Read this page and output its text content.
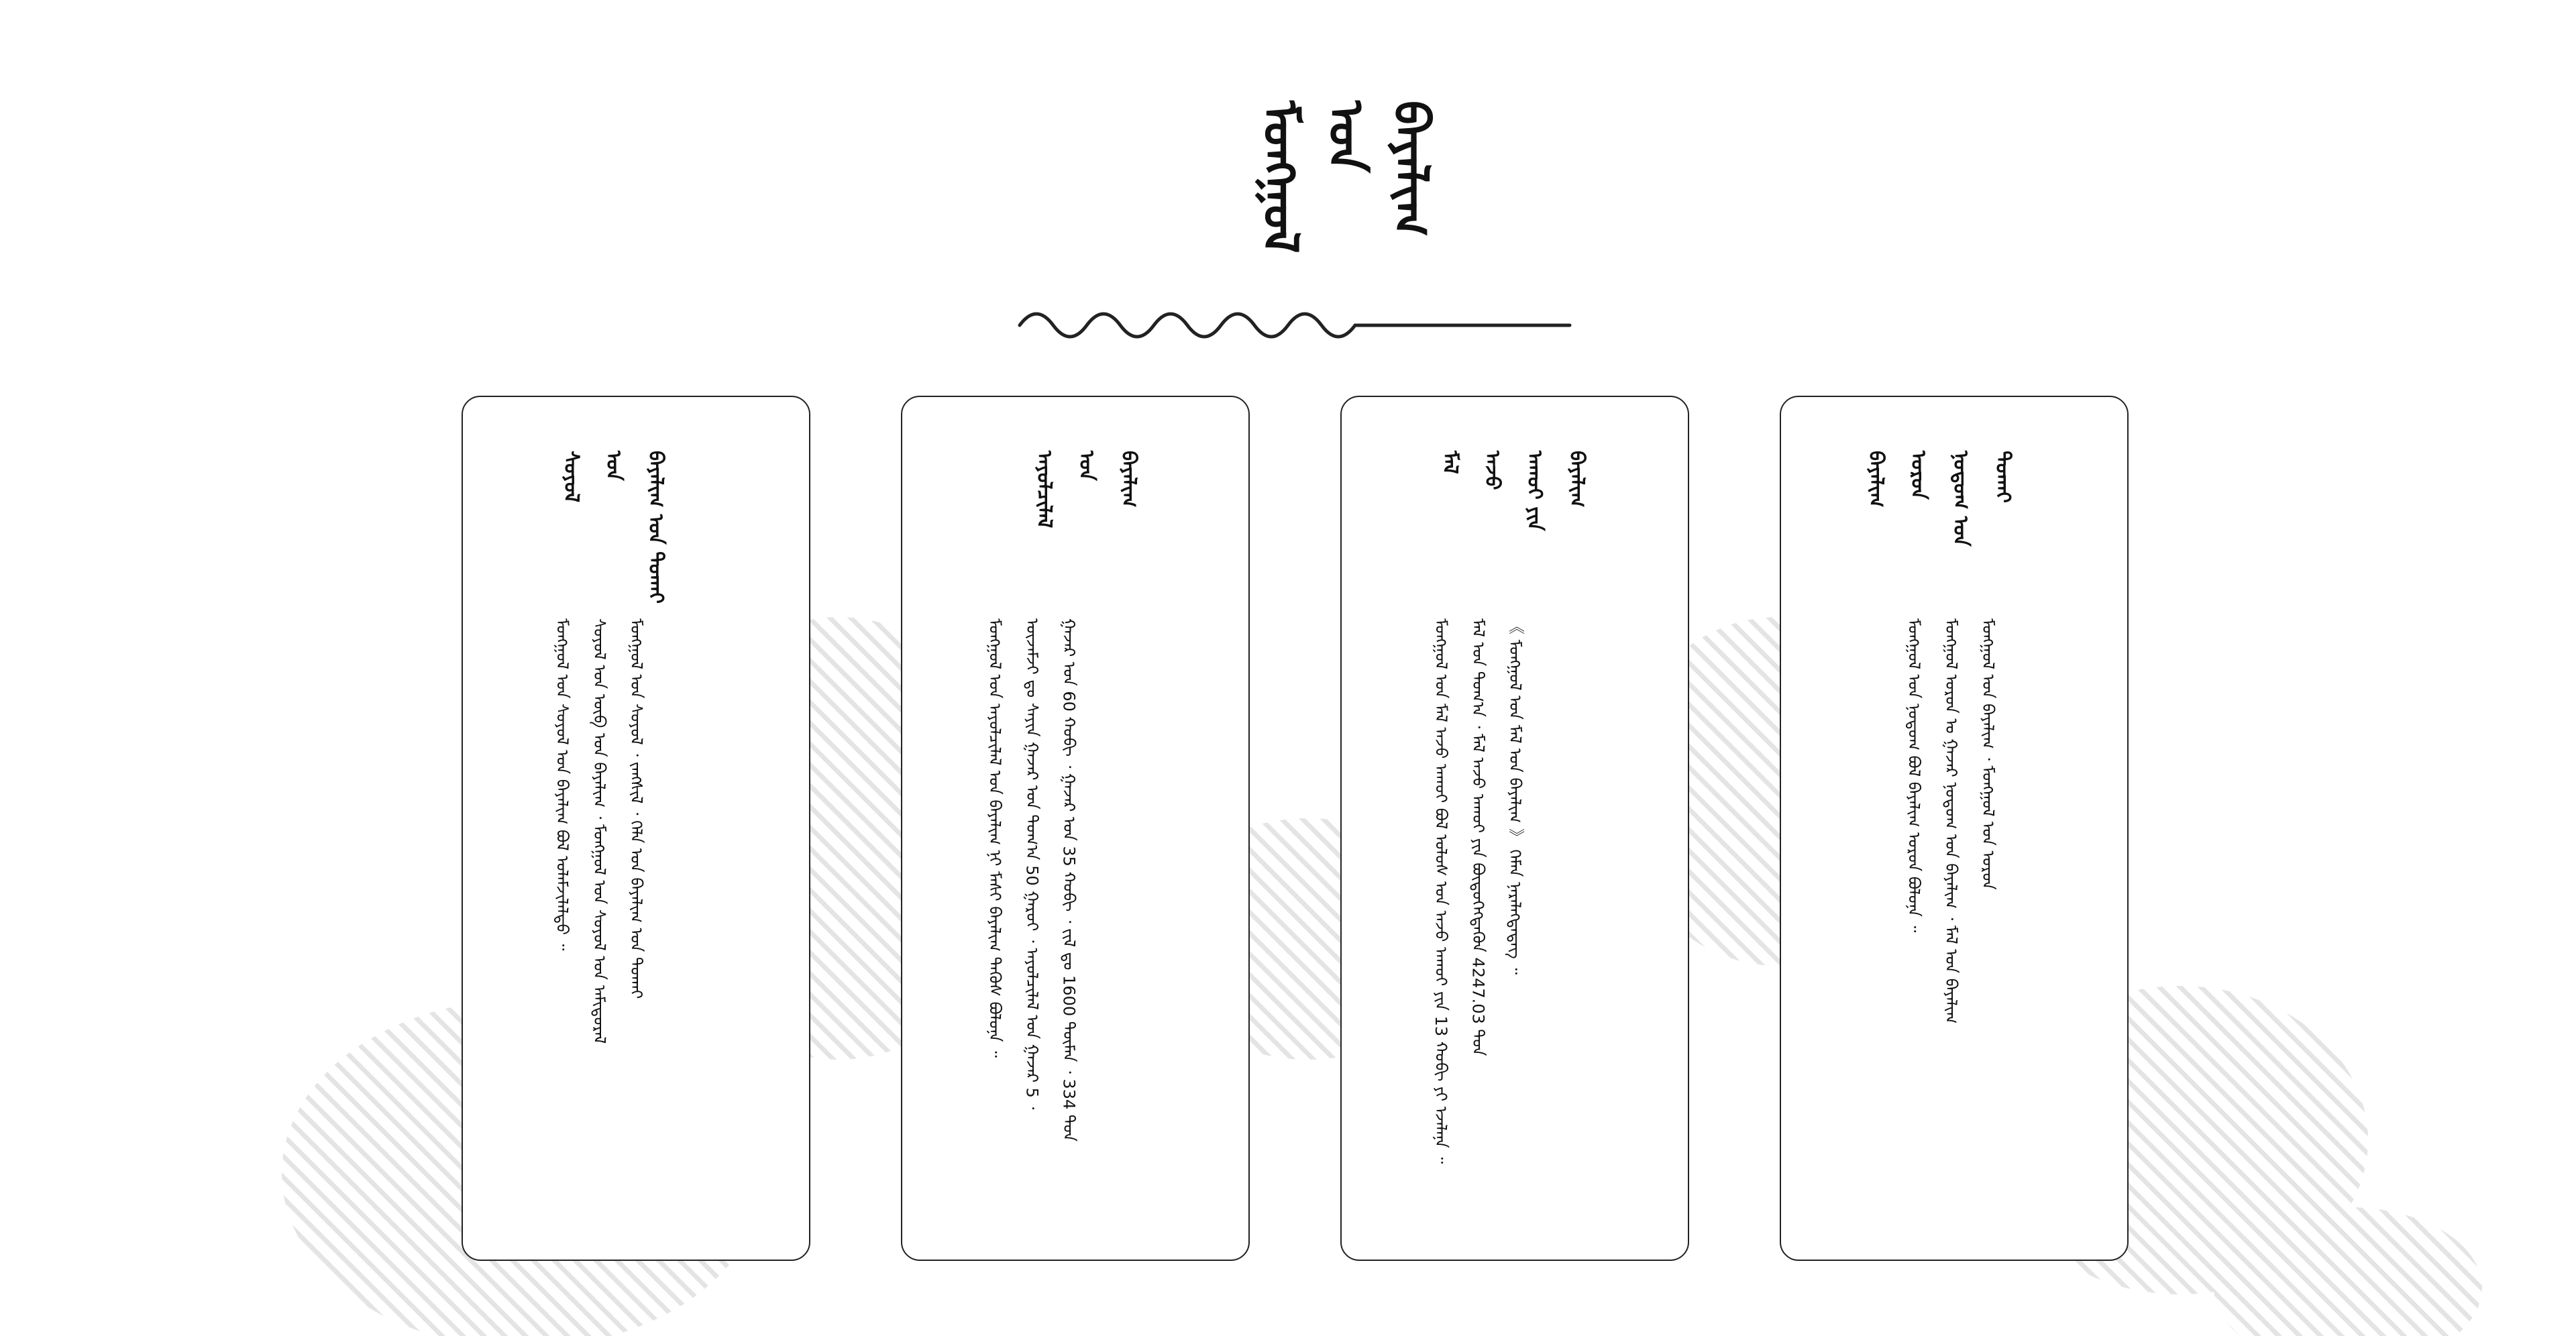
ᠮᠣᠩᠭᠣᠯ ᠤᠨ
ᠪᠠᠶᠠᠯᠢᠭ
ᠰᠣᠶᠤᠯ
ᠤᠨ
ᠪᠠᠶᠠᠯᠢᠭ ᠤᠨ ᠲᠤᠬᠠᠢ
ᠮᠣᠩᠭᠣᠯ ᠤᠨ ᠰᠣᠶᠤᠯ ᠤᠨ ᠪᠠᠶᠠᠯᠢᠭ ᠪᠣᠯ ᠤᠯᠠᠮᠵᠢᠯᠠᠯᠲᠤ ᠃
ᠰᠣᠶᠤᠯ ᠤᠨ ᠦᠪ ᠤᠨ ᠪᠠᠶᠠᠯᠢᠭ ᠂ ᠮᠣᠩᠭᠣᠯ ᠤᠨ ᠰᠣᠶᠤᠯ ᠤᠨ ᠠᠮᠢᠳᠤᠷᠠᠯ
ᠮᠣᠩᠭᠣᠯ ᠤᠨ ᠰᠣᠶᠤᠯ ᠂ ᠵᠠᠩᠱᠢᠯ ᠂ ᠬᠡᠯᠡ ᠤᠨ ᠪᠠᠶᠠᠯᠢᠭ ᠤᠨ ᠲᠤᠬᠠᠢ
ᠠᠶᠤᠯᠴᠢᠯᠠᠯ
ᠤᠨ
ᠪᠠᠶᠠᠯᠢᠭ
ᠮᠣᠩᠭᠣᠯ ᠤᠨ ᠠᠶᠤᠯᠴᠢᠯᠠᠯ ᠤᠨ ᠪᠠᠶᠠᠯᠢᠭ ᠨᠢ ᠮᠠᠰᠢ ᠪᠠᠶᠠᠯᠢᠭ ᠲᠡᠭᠦᠰ ᠪᠣᠯᠤᠨᠠ ᠃
ᠦᠵᠡᠮᠵᠢ ᠳᠤ ᠰᠠᠶᠢᠨ ᠭᠠᠵᠠᠷ ᠤᠨ ᠲᠣᠭ᠎ᠠ 50 ᠭᠠᠷᠤᠢ ᠂ ᠠᠶᠤᠯᠴᠢᠯᠠᠯ ᠤᠨ ᠭᠠᠵᠠᠷ 5 ᠂
ᠭᠠᠵᠠᠷ ᠤᠨ 60 ᠬᠤᠪᠢ ᠂ ᠭᠠᠵᠠᠷ ᠤᠨ 35 ᠬᠤᠪᠢ ᠂ ᠵᠢᠯ ᠳᠤ 1600 ᠲᠦᠮᠡᠨ ᠂ 334 ᠲᠣᠨ
ᠮᠠᠯ
ᠠᠵᠤ
ᠠᠬᠤᠢ ᠶᠢᠨ
ᠪᠠᠶᠠᠯᠢᠭ
ᠮᠣᠩᠭᠣᠯ ᠤᠨ ᠮᠠᠯ ᠠᠵᠤ ᠠᠬᠤᠢ ᠪᠣᠯ ᠤᠯᠤᠰ ᠤᠨ ᠠᠵᠤ ᠠᠬᠤᠢ ᠶᠢᠨ 13 ᠬᠤᠪᠢ ᠶᠢ ᠡᠵᠡᠯᠡᠨᠡ ᠃
ᠮᠠᠯ ᠤᠨ ᠲᠣᠭ᠎ᠠ ᠂ ᠮᠠᠯ ᠠᠵᠤ ᠠᠬᠤᠢ ᠶᠢᠨ ᠪᠦᠲᠦᠭᠡᠭᠳᠡᠬᠦᠨ 4247.03 ᠲᠣᠨ
《 ᠮᠣᠩᠭᠣᠯ ᠤᠨ ᠮᠠᠯ ᠤᠨ ᠪᠠᠶᠠᠯᠢᠭ 》 ᠬᠡᠮᠡᠨ ᠨᠡᠷᠡᠯᠡᠭᠳᠡᠳᠡᠭ ᠃
ᠪᠠᠶᠠᠯᠢᠭ
ᠣᠷᠣᠨ
ᠨᠤᠲᠤᠭ ᠤᠨ
ᠲᠤᠬᠠᠢ
ᠮᠣᠩᠭᠣᠯ ᠤᠨ ᠨᠤᠲᠤᠭ ᠪᠣᠯ ᠪᠠᠶᠠᠯᠢᠭ ᠣᠷᠣᠨ ᠪᠣᠯᠤᠨᠠ ᠃
ᠮᠣᠩᠭᠣᠯ ᠣᠷᠣᠨ ᠤ ᠭᠠᠵᠠᠷ ᠨᠤᠲᠤᠭ ᠤᠨ ᠪᠠᠶᠠᠯᠢᠭ ᠂ ᠮᠠᠯ ᠤᠨ ᠪᠠᠶᠠᠯᠢᠭ
ᠮᠣᠩᠭᠣᠯ ᠤᠨ ᠪᠠᠶᠠᠯᠢᠭ ᠂ ᠮᠣᠩᠭᠣᠯ ᠤᠨ ᠣᠷᠣᠨ
